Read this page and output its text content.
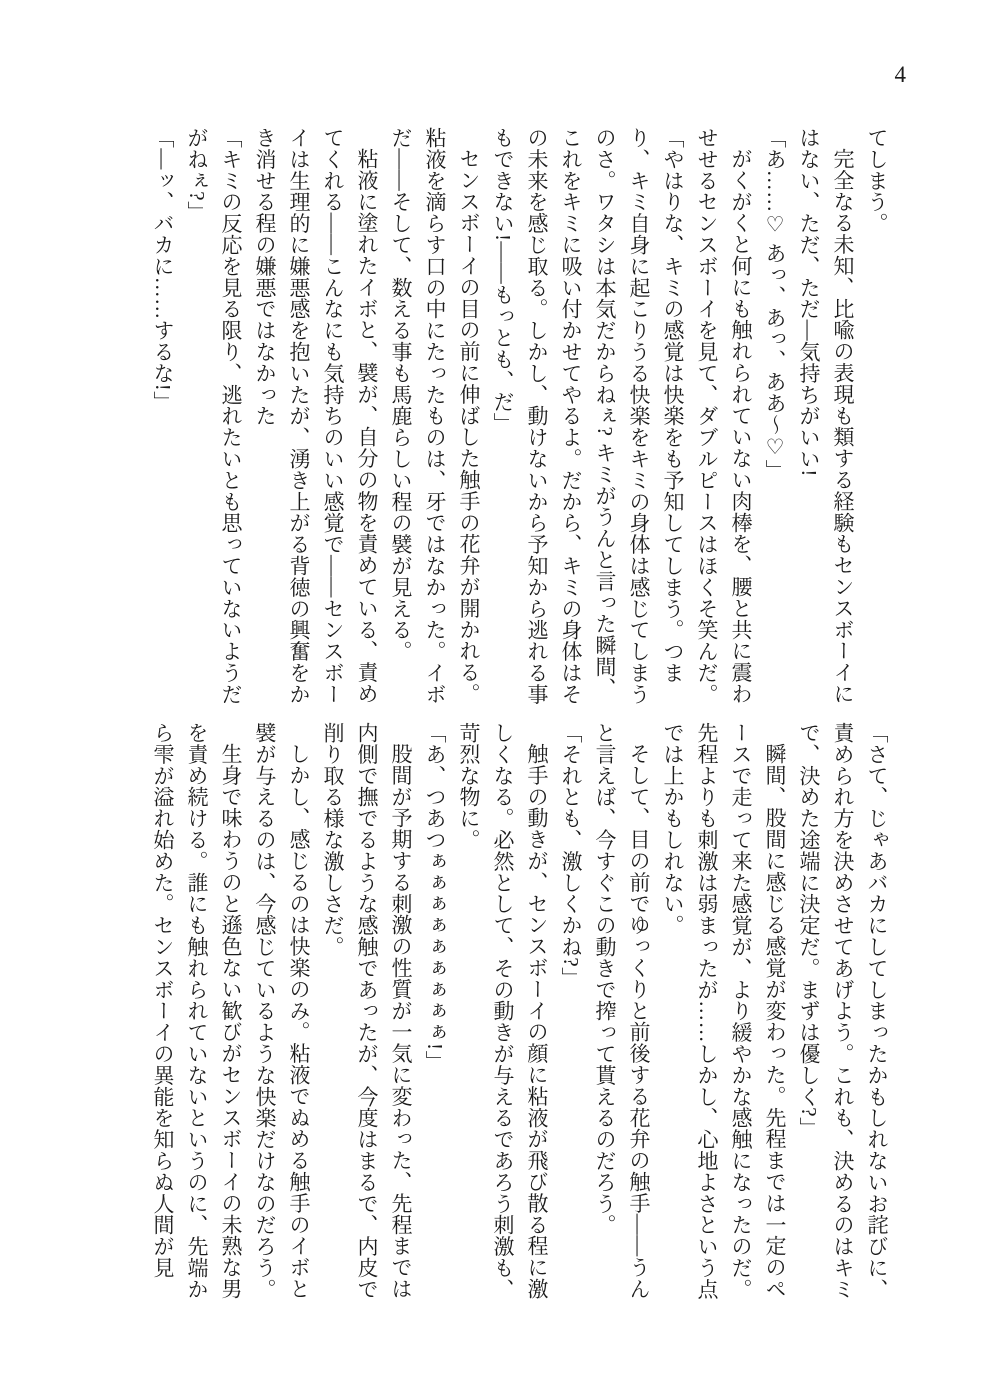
4

てしまう。

完全なる未知、比喩の表現も類する経験もセンスボーイにはない、ただ、ただ―気持ちがいい!

「あ……♡ あっ、あっ、ああ〜♡」

がくがくと何にも触れられていない肉棒を、腰と共に震わせせるセンスボーイを見て、ダブルピースはほくそ笑んだ。

「やはりな、キミの感覚は快楽をも予知してしまう。つまり、キミ自身に起こりうる快楽をキミの身体は感じてしまうのさ。ワタシは本気だからねぇ? キミがうんと言った瞬間、これをキミに吸い付かせてやるよ。だから、キミの身体はその未来を感じ取る。しかし、動けないから予知から逃れる事もできない!――もっとも、だ」

センスボーイの目の前に伸ばした触手の花弁が開かれる。粘液を滴らす口の中にたったものは、牙ではなかった。イボだ――そして、数える事も馬鹿らしい程の襞が見える。

粘液に塗れたイボと、襞が、自分の物を責めている、責めてくれる――こんなにも気持ちのいい感覚で――センスボーイは生理的に嫌悪感を抱いたが、湧き上がる背徳の興奮をかき消せる程の嫌悪ではなかった

「キミの反応を見る限り、逃れたいとも思っていないようだがねぇ?」

「―ッ、バカに……するな!」

「さて、じゃあバカにしてしまったかもしれないお詫びに、責められ方を決めさせてあげよう。これも、決めるのはキミで、決めた途端に決定だ。まずは優しく?」

瞬間、股間に感じる感覚が変わった。先程までは一定のペースで走って来た感覚が、より緩やかな感触になったのだ。先程よりも刺激は弱まったが……しかし、心地よさという点では上かもしれない。

そして、目の前でゆっくりと前後する花弁の触手――うんと言えば、今すぐこの動きで搾って貰えるのだろう。

「それとも、激しくかね?」

触手の動きが、センスボーイの顔に粘液が飛び散る程に激しくなる。必然として、その動きが与えるであろう刺激も、苛烈な物に。

「あ、つあつぁぁぁぁぁぁぁぁぁ!」

股間が予期する刺激の性質が一気に変わった、先程までは内側で撫でるような感触であったが、今度はまるで、内皮で削り取る様な激しさだ。

しかし、感じるのは快楽のみ。粘液でぬめる触手のイボと襞が与えるのは、今感じているような快楽だけなのだろう。

生身で味わうのと遜色ない歓びがセンスボーイの未熟な男を責め続ける。誰にも触れられていないというのに、先端から雫が溢れ始めた。センスボーイの異能を知らぬ人間が見
